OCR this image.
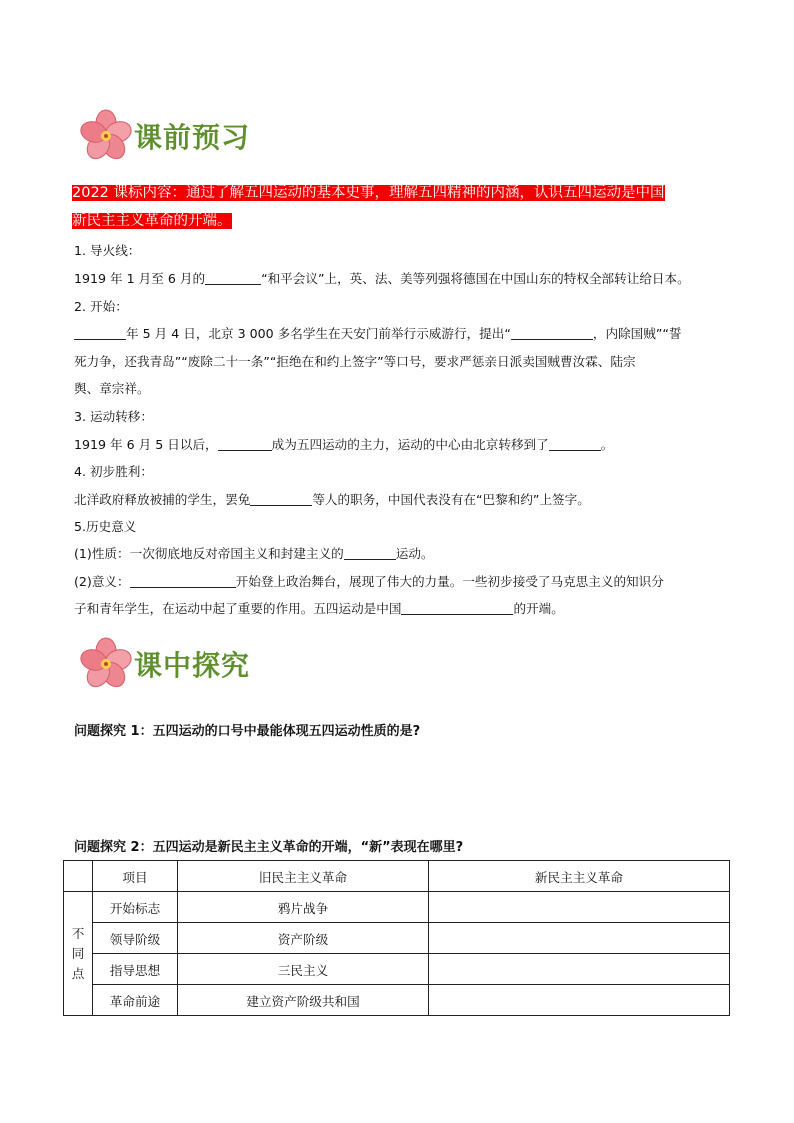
课前预习
2022 课标内容：通过了解五四运动的基本史事，理解五四精神的内涵，认识五四运动是中国
新民主主义革命的开端。
1. 导火线：
1919 年 1 月至 6 月的	“和平会议”上，英、法、美等列强将德国在中国山东的特权全部转让给日本。
2. 开始：
年 5 月 4 日，北京 3 000 多名学生在天安门前举行示威游行，提出“	，内除国贼”“誓
死力争，还我青岛”“废除二十一条”“拒绝在和约上签字”等口号，要求严惩亲日派卖国贼曹汝霖、陆宗
舆、章宗祥。
3. 运动转移：
1919 年 6 月 5 日以后，	成为五四运动的主力，运动的中心由北京转移到了	。
4. 初步胜利：
北洋政府释放被捕的学生，罢免	等人的职务，中国代表没有在“巴黎和约”上签字。
5.历史意义
(1)性质：一次彻底地反对帝国主义和封建主义的	运动。
(2)意义：	开始登上政治舞台，展现了伟大的力量。一些初步接受了马克思主义的知识分
子和青年学生，在运动中起了重要的作用。五四运动是中国	的开端。
课中探究
问题探究 1：五四运动的口号中最能体现五四运动性质的是?
问题探究 2：五四运动是新民主主义革命的开端，“新”表现在哪里?
	项目	旧民主主义革命	新民主主义革命

不同点	开始标志	鸦片战争	
	领导阶级	资产阶级	
	指导思想	三民主义	
	革命前途	建立资产阶级共和国	
